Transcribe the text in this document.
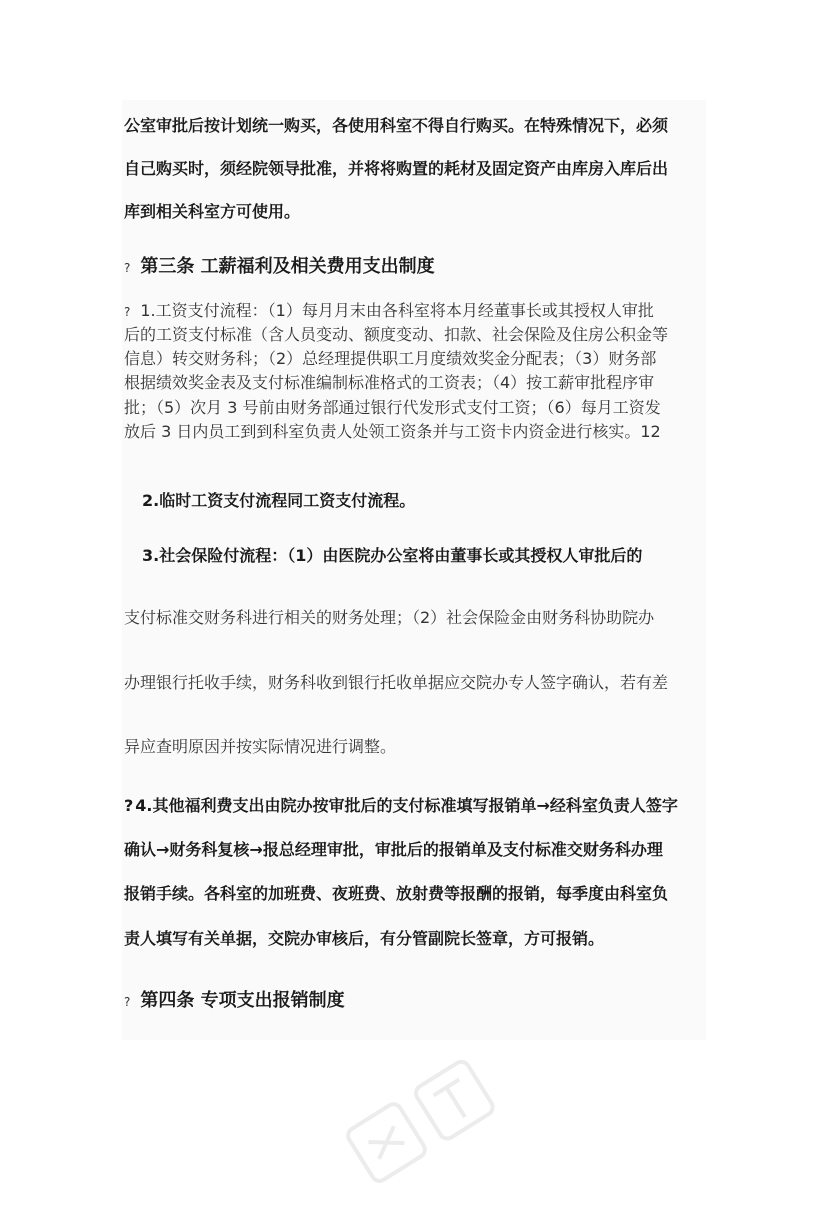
公室审批后按计划统一购买，各使用科室不得自行购买。在特殊情况下，必须
自己购买时，须经院领导批准，并将将购置的耗材及固定资产由库房入库后出
库到相关科室方可使用。
? 第三条 工薪福利及相关费用支出制度
? 1.工资支付流程：（1）每月月末由各科室将本月经董事长或其授权人审批
后的工资支付标准（含人员变动、额度变动、扣款、社会保险及住房公积金等
信息）转交财务科；（2）总经理提供职工月度绩效奖金分配表；（3）财务部
根据绩效奖金表及支付标准编制标准格式的工资表；（4）按工薪审批程序审
批；（5）次月 3 号前由财务部通过银行代发形式支付工资；（6）每月工资发
放后 3 日内员工到到科室负责人处领工资条并与工资卡内资金进行核实。12
2.临时工资支付流程同工资支付流程。
3.社会保险付流程：（1）由医院办公室将由董事长或其授权人审批后的
支付标准交财务科进行相关的财务处理；（2）社会保险金由财务科协助院办
办理银行托收手续，财务科收到银行托收单据应交院办专人签字确认，若有差
异应查明原因并按实际情况进行调整。
? 4.其他福利费支出由院办按审批后的支付标准填写报销单→经科室负责人签字
确认→财务科复核→报总经理审批，审批后的报销单及支付标准交财务科办理
报销手续。各科室的加班费、夜班费、放射费等报酬的报销，每季度由科室负
责人填写有关单据，交院办审核后，有分管副院长签章，方可报销。
? 第四条 专项支出报销制度
